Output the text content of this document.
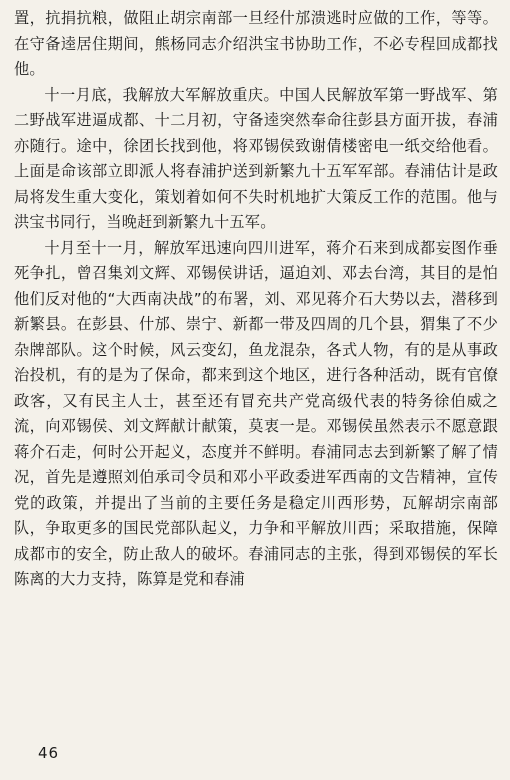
置，抗捐抗粮，做阻止胡宗南部一旦经什邡溃逃时应做的工作，等等。在守备逵居住期间，熊杨同志介绍洪宝书协助工作，不必专程回成都找他。

十一月底，我解放大军解放重庆。中国人民解放军第一野战军、第二野战军进逼成都、十二月初，守备逵突然奉命往彭县方面开拔，春浦亦随行。途中，徐团长找到他，将邓锡侯致谢倩楼密电一纸交给他看。上面是命该部立即派人将春浦护送到新繁九十五军军部。春浦估计是政局将发生重大变化，策划着如何不失时机地扩大策反工作的范围。他与洪宝书同行，当晚赶到新繁九十五军。

十月至十一月，解放军迅速向四川进军，蒋介石来到成都妄图作垂死争扎，曾召集刘文辉、邓锡侯讲话，逼迫刘、邓去台湾，其目的是怕他们反对他的“大西南决战”的布署，刘、邓见蒋介石大势以去，潜移到新繁县。在彭县、什邡、崇宁、新都一带及四周的几个县，猬集了不少杂牌部队。这个时候，风云变幻，鱼龙混杂，各式人物，有的是从事政治投机，有的是为了保命，都来到这个地区，进行各种活动，既有官僚政客，又有民主人士，甚至还有冒充共产党高级代表的特务徐伯威之流，向邓锡侯、刘文辉献计献策，莫衷一是。邓锡侯虽然表示不愿意跟蒋介石走，何时公开起义，态度并不鲜明。春浦同志去到新繁了解了情况，首先是遵照刘伯承司令员和邓小平政委进军西南的文告精神，宣传党的政策，并提出了当前的主要任务是稳定川西形势，瓦解胡宗南部队，争取更多的国民党部队起义，力争和平解放川西；采取措施，保障成都市的安全，防止敌人的破坏。春浦同志的主张，得到邓锡侯的军长陈离的大力支持，陈算是党和春浦

46
